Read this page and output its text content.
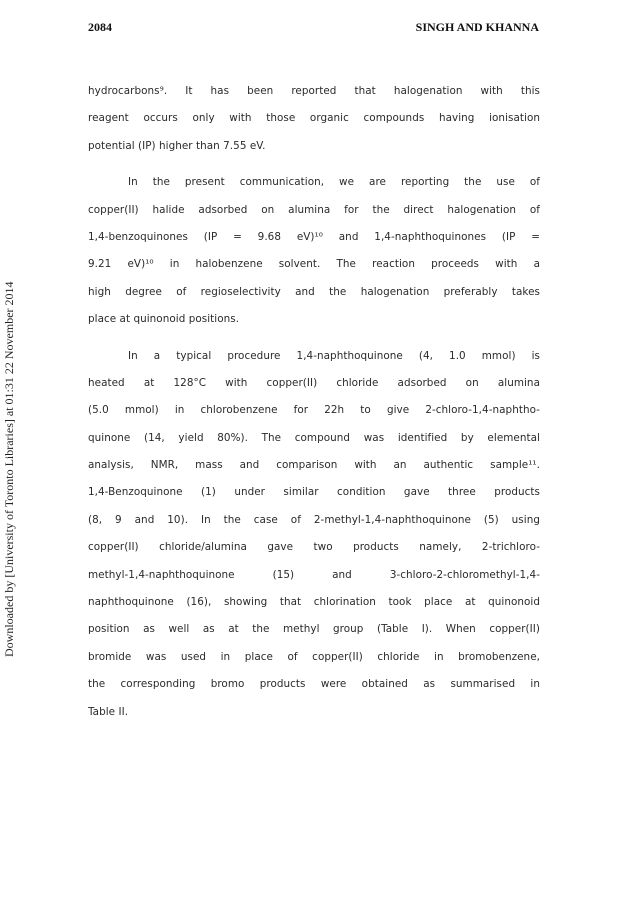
2084	SINGH AND KHANNA
Downloaded by [University of Toronto Libraries] at 01:31 22 November 2014
hydrocarbons⁹. It has been reported that halogenation with this
reagent occurs only with those organic compounds having ionisation
potential (IP) higher than 7.55 eV.
In the present communication, we are reporting the use of
copper(II) halide adsorbed on alumina for the direct halogenation of
1,4-benzoquinones (IP = 9.68 eV)¹⁰ and 1,4-naphthoquinones (IP =
9.21 eV)¹⁰ in halobenzene solvent. The reaction proceeds with a
high degree of regioselectivity and the halogenation preferably takes
place at quinonoid positions.
In a typical procedure 1,4-naphthoquinone (4, 1.0 mmol) is
heated at 128°C with copper(II) chloride adsorbed on alumina
(5.0 mmol) in chlorobenzene for 22h to give 2-chloro-1,4-naphtho-
quinone (14, yield 80%). The compound was identified by elemental
analysis, NMR, mass and comparison with an authentic sample¹¹.
1,4-Benzoquinone (1) under similar condition gave three products
(8, 9 and 10). In the case of 2-methyl-1,4-naphthoquinone (5) using
copper(II) chloride/alumina gave two products namely, 2-trichloro-
methyl-1,4-naphthoquinone (15) and 3-chloro-2-chloromethyl-1,4-
naphthoquinone (16), showing that chlorination took place at quinonoid
position as well as at the methyl group (Table I). When copper(II)
bromide was used in place of copper(II) chloride in bromobenzene,
the corresponding bromo products were obtained as summarised in
Table II.
